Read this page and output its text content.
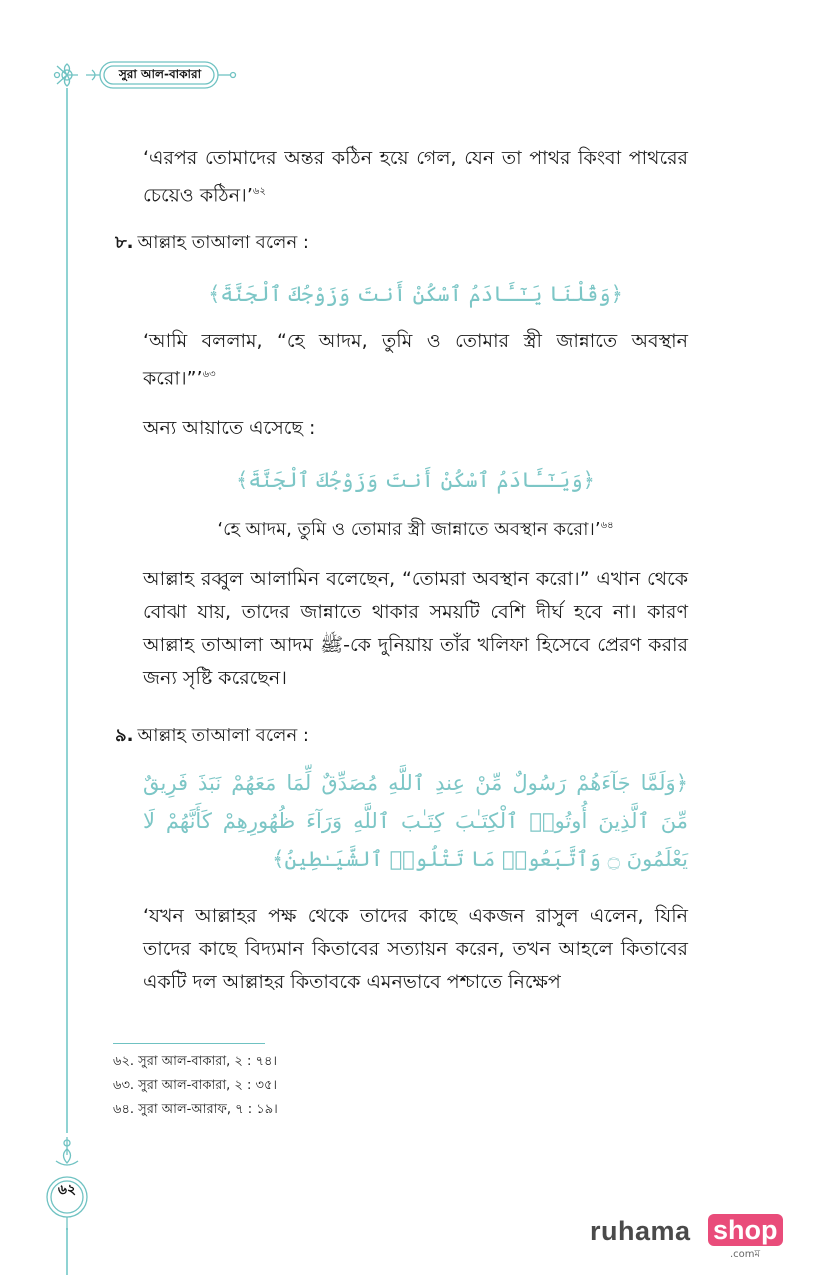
সুরা আল-বাকারা

‘এরপর তোমাদের অন্তর কঠিন হয়ে গেল, যেন তা পাথর কিংবা পাথরের চেয়েও কঠিন।’$^{৬২}$

৮. আল্লাহ তাআলা বলেন :

﴿وَقُلْنَا يَـٰٓـَٔادَمُ ٱسْكُنْ أَنتَ وَزَوْجُكَ ٱلْجَنَّةَ﴾

‘আমি বললাম, “হে আদম, তুমি ও তোমার স্ত্রী জান্নাতে অবস্থান করো।”’$^{৬৩}$

অন্য আয়াতে এসেছে :

﴿وَيَـٰٓـَٔادَمُ ٱسْكُنْ أَنتَ وَزَوْجُكَ ٱلْجَنَّةَ﴾

‘হে আদম, তুমি ও তোমার স্ত্রী জান্নাতে অবস্থান করো।’$^{৬৪}$

আল্লাহ রব্বুল আলামিন বলেছেন, “তোমরা অবস্থান করো।” এখান থেকে বোঝা যায়, তাদের জান্নাতে থাকার সময়টি বেশি দীর্ঘ হবে না। কারণ আল্লাহ তাআলা আদম ﷺ-কে দুনিয়ায় তাঁর খলিফা হিসেবে প্রেরণ করার জন্য সৃষ্টি করেছেন।

৯. আল্লাহ তাআলা বলেন :

﴿وَلَمَّا جَآءَهُمْ رَسُولٌ مِّنْ عِندِ ٱللَّهِ مُصَدِّقٌ لِّمَا مَعَهُمْ نَبَذَ فَرِيقٌ مِّنَ ٱلَّذِينَ أُوتُوا۟ ٱلْكِتَـٰبَ كِتَـٰبَ ٱللَّهِ وَرَآءَ ظُهُورِهِمْ كَأَنَّهُمْ لَا يَعْلَمُونَ ۝ وَٱتَّبَعُوا۟ مَا تَتْلُوا۟ ٱلشَّيَـٰطِينُ﴾

‘যখন আল্লাহর পক্ষ থেকে তাদের কাছে একজন রাসুল এলেন, যিনি তাদের কাছে বিদ্যমান কিতাবের সত্যায়ন করেন, তখন আহলে কিতাবের একটি দল আল্লাহর কিতাবকে এমনভাবে পশ্চাতে নিক্ষেপ

৬২. সুরা আল-বাকারা, ২ : ৭৪।
৬৩. সুরা আল-বাকারা, ২ : ৩৫।
৬৪. সুরা আল-আরাফ, ৭ : ১৯।
৬২
ruhama shop
.comম
